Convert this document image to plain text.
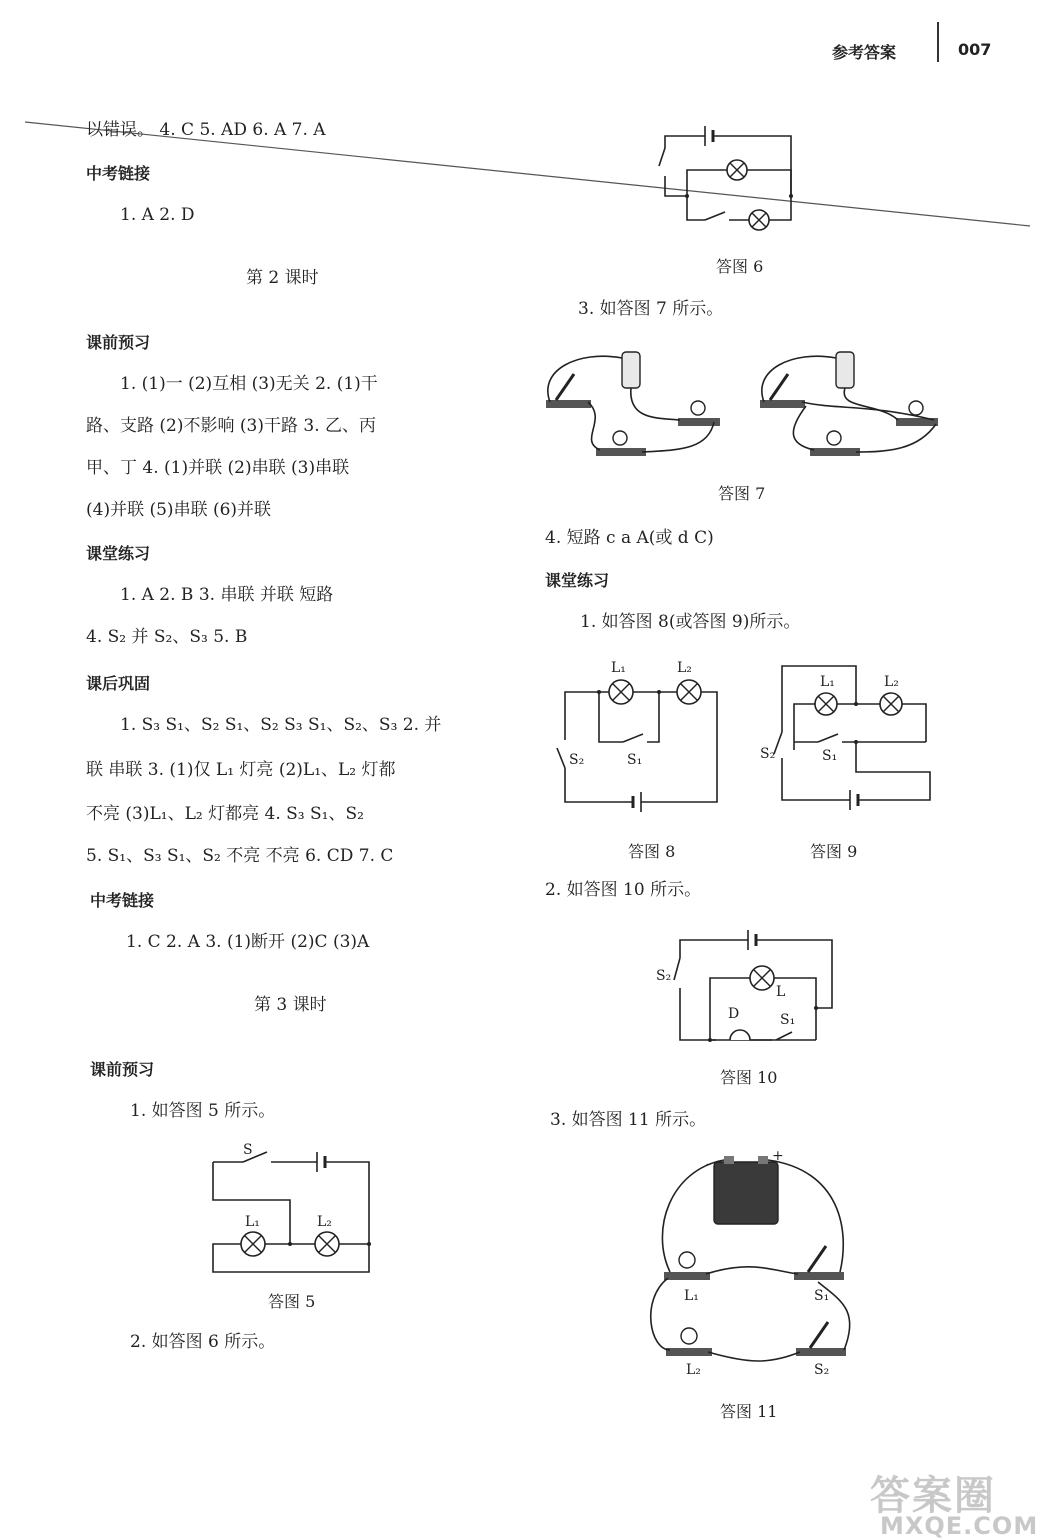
参考答案	007
以错误。 4. C 5. AD 6. A 7. A
中考链接
1. A 2. D
第 2 课时
课前预习
1. (1)一 (2)互相 (3)无关 2. (1)干
路、支路 (2)不影响 (3)干路 3. 乙、丙
甲、丁 4. (1)并联 (2)串联 (3)串联
(4)并联 (5)串联 (6)并联
课堂练习
1. A 2. B 3. 串联 并联 短路
4. S₂ 并 S₂、S₃ 5. B
课后巩固
1. S₃ S₁、S₂ S₁、S₂ S₃ S₁、S₂、S₃ 2. 并
联 串联 3. (1)仅 L₁ 灯亮 (2)L₁、L₂ 灯都
不亮 (3)L₁、L₂ 灯都亮 4. S₃ S₁、S₂
5. S₁、S₃ S₁、S₂ 不亮 不亮 6. CD 7. C
中考链接
1. C 2. A 3. (1)断开 (2)C (3)A
第 3 课时
课前预习
1. 如答图 5 所示。
S
L₁	L₂
答图 5
2. 如答图 6 所示。
答图 6
3. 如答图 7 所示。
答图 7
4. 短路 c a A(或 d C)
课堂练习
1. 如答图 8(或答图 9)所示。
L₁	L₂
S₂	S₁
答图 8
L₁	L₂
S₂	S₁
答图 9
2. 如答图 10 所示。
S₂
L
D	S₁
答图 10
3. 如答图 11 所示。
-	+
L₁	S₁
L₂	S₂
答图 11
答案圈
MXQE.COM
